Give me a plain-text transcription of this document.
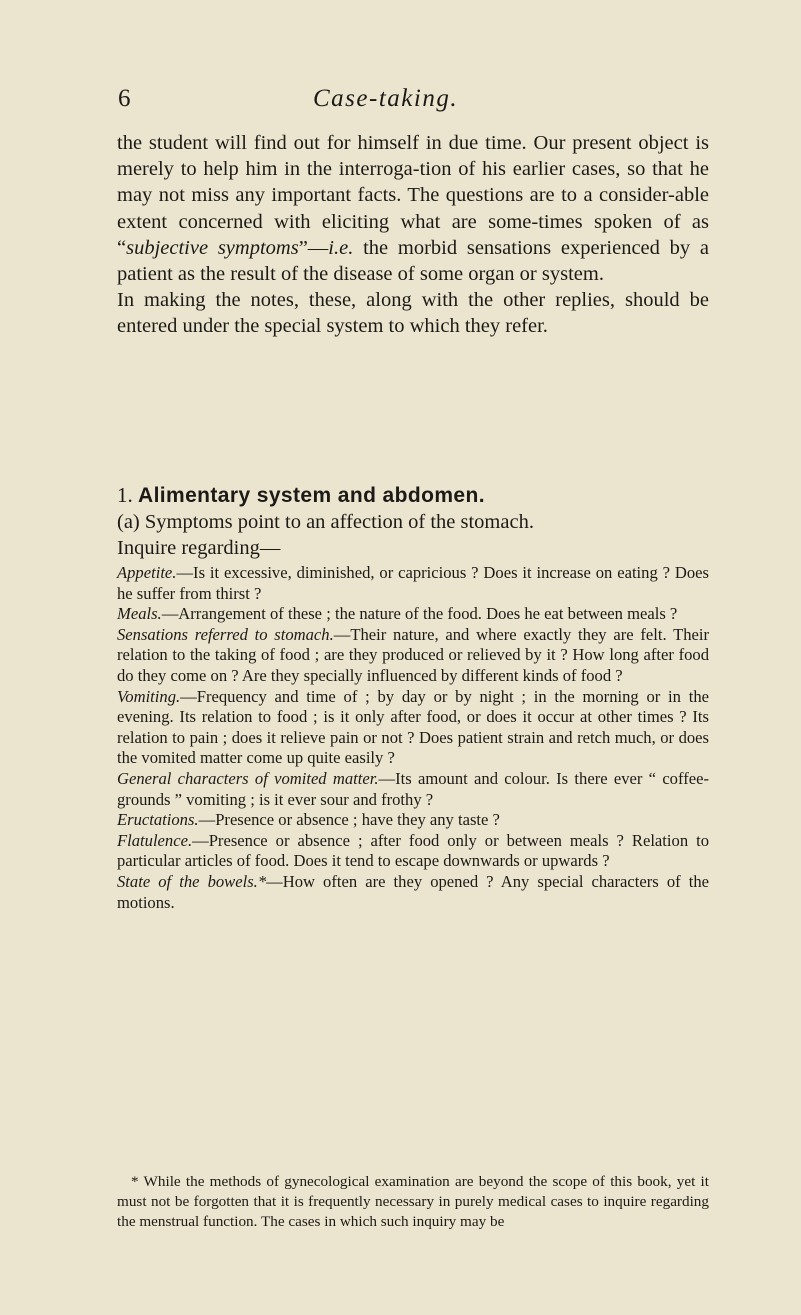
6	Case-taking.

the student will find out for himself in due time. Our present object is merely to help him in the interroga-tion of his earlier cases, so that he may not miss any important facts. The questions are to a consider-able extent concerned with eliciting what are some-times spoken of as “subjective symptoms”—i.e. the morbid sensations experienced by a patient as the result of the disease of some organ or system.

In making the notes, these, along with the other replies, should be entered under the special system to which they refer.

1. Alimentary system and abdomen.

(a) Symptoms point to an affection of the stomach.

Inquire regarding—

Appetite.—Is it excessive, diminished, or capricious ? Does it increase on eating ? Does he suffer from thirst ?

Meals.—Arrangement of these ; the nature of the food. Does he eat between meals ?

Sensations referred to stomach.—Their nature, and where exactly they are felt. Their relation to the taking of food ; are they produced or relieved by it ? How long after food do they come on ? Are they specially influenced by different kinds of food ?

Vomiting.—Frequency and time of ; by day or by night ; in the morning or in the evening. Its relation to food ; is it only after food, or does it occur at other times ? Its relation to pain ; does it relieve pain or not ? Does patient strain and retch much, or does the vomited matter come up quite easily ?

General characters of vomited matter.—Its amount and colour. Is there ever “ coffee-grounds ” vomiting ; is it ever sour and frothy ?

Eructations.—Presence or absence ; have they any taste ?

Flatulence.—Presence or absence ; after food only or between meals ? Relation to particular articles of food. Does it tend to escape downwards or upwards ?

State of the bowels.*—How often are they opened ? Any special characters of the motions.

* While the methods of gynecological examination are beyond the scope of this book, yet it must not be forgotten that it is frequently necessary in purely medical cases to inquire regarding the menstrual function. The cases in which such inquiry may be
